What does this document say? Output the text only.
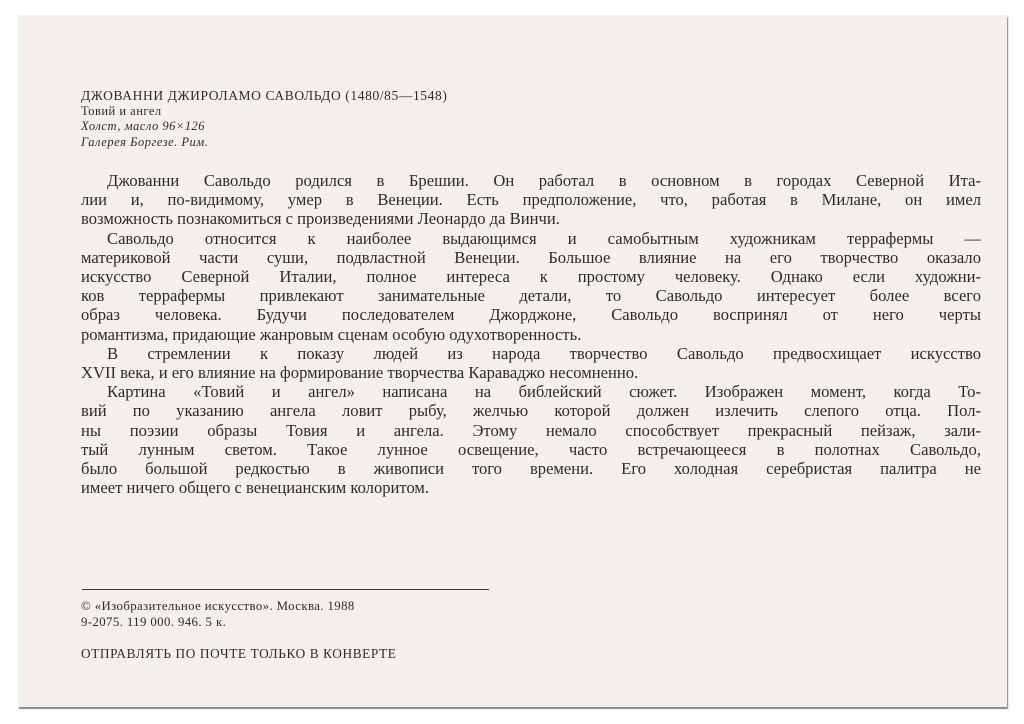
ДЖОВАННИ ДЖИРОЛАМО САВОЛЬДО (1480/85—1548)
Товий и ангел
Холст, масло 96×126
Галерея Боргезе. Рим.
Джованни Савольдо родился в Брешии. Он работал в основном в городах Северной Ита-
лии и, по-видимому, умер в Венеции. Есть предположение, что, работая в Милане, он имел
возможность познакомиться с произведениями Леонардо да Винчи.
Савольдо относится к наиболее выдающимся и самобытным художникам террафермы —
материковой части суши, подвластной Венеции. Большое влияние на его творчество оказало
искусство Северной Италии, полное интереса к простому человеку. Однако если художни-
ков террафермы привлекают занимательные детали, то Савольдо интересует более всего
образ человека. Будучи последователем Джорджоне, Савольдо воспринял от него черты
романтизма, придающие жанровым сценам особую одухотворенность.
В стремлении к показу людей из народа творчество Савольдо предвосхищает искусство
XVII века, и его влияние на формирование творчества Караваджо несомненно.
Картина «Товий и ангел» написана на библейский сюжет. Изображен момент, когда То-
вий по указанию ангела ловит рыбу, желчью которой должен излечить слепого отца. Пол-
ны поэзии образы Товия и ангела. Этому немало способствует прекрасный пейзаж, зали-
тый лунным светом. Такое лунное освещение, часто встречающееся в полотнах Савольдо,
было большой редкостью в живописи того времени. Его холодная серебристая палитра не
имеет ничего общего с венецианским колоритом.
© «Изобразительное искусство». Москва. 1988
9-2075. 119 000. 946. 5 к.
ОТПРАВЛЯТЬ ПО ПОЧТЕ ТОЛЬКО В КОНВЕРТЕ
